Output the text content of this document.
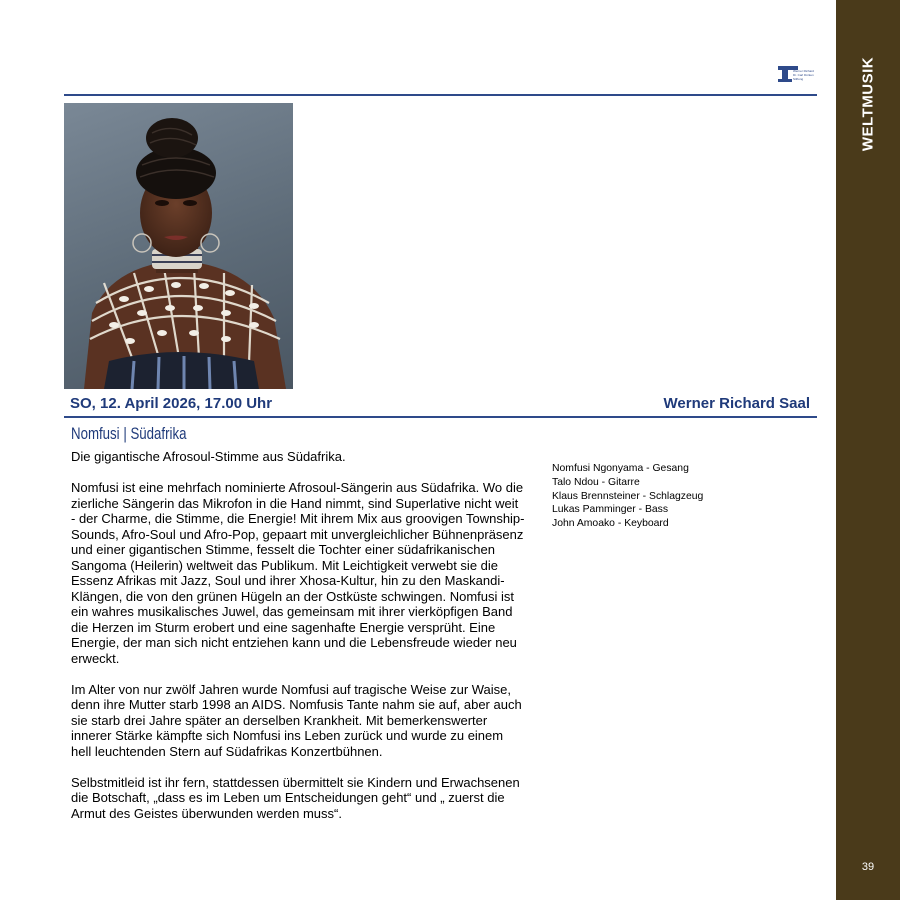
WELTMUSIK
39
Werner Richard
Dr. Carl Dörken
Stiftung
SO, 12. April 2026, 17.00 Uhr	Werner Richard Saal
Nomfusi | Südafrika

Die gigantische Afrosoul-Stimme aus Südafrika.

Nomfusi ist eine mehrfach nominierte Afrosoul-Sängerin aus Südafrika. Wo die zierliche Sängerin das Mikrofon in die Hand nimmt, sind Superlative nicht weit - der Charme, die Stimme, die Energie! Mit ihrem Mix aus groovigen Township-Sounds, Afro-Soul und Afro-Pop, gepaart mit unvergleichlicher Bühnenpräsenz und einer gigantischen Stimme, fesselt die Tochter einer südafrikanischen Sangoma (Heilerin) weltweit das Publikum. Mit Leichtigkeit verwebt sie die Essenz Afrikas mit Jazz, Soul und ihrer Xhosa-Kultur, hin zu den Maskandi-Klängen, die von den grünen Hügeln an der Ostküste schwingen. Nomfusi ist ein wahres musikalisches Juwel, das gemeinsam mit ihrer vierköpfigen Band die Herzen im Sturm erobert und eine sagenhafte Energie versprüht. Eine Energie, der man sich nicht entziehen kann und die Lebensfreude wieder neu erweckt.

Im Alter von nur zwölf Jahren wurde Nomfusi auf tragische Weise zur Waise, denn ihre Mutter starb 1998 an AIDS. Nomfusis Tante nahm sie auf, aber auch sie starb drei Jahre später an derselben Krankheit. Mit bemerkenswerter innerer Stärke kämpfte sich Nomfusi ins Leben zurück und wurde zu einem hell leuchtenden Stern auf Südafrikas Konzertbühnen.

Selbstmitleid ist ihr fern, stattdessen übermittelt sie Kindern und Erwachsenen die Botschaft, „dass es im Leben um Entscheidungen geht“ und „ zuerst die Armut des Geistes überwunden werden muss“.

Nomfusi Ngonyama - Gesang
Talo Ndou - Gitarre
Klaus Brennsteiner - Schlagzeug
Lukas Pamminger - Bass
John Amoako - Keyboard
